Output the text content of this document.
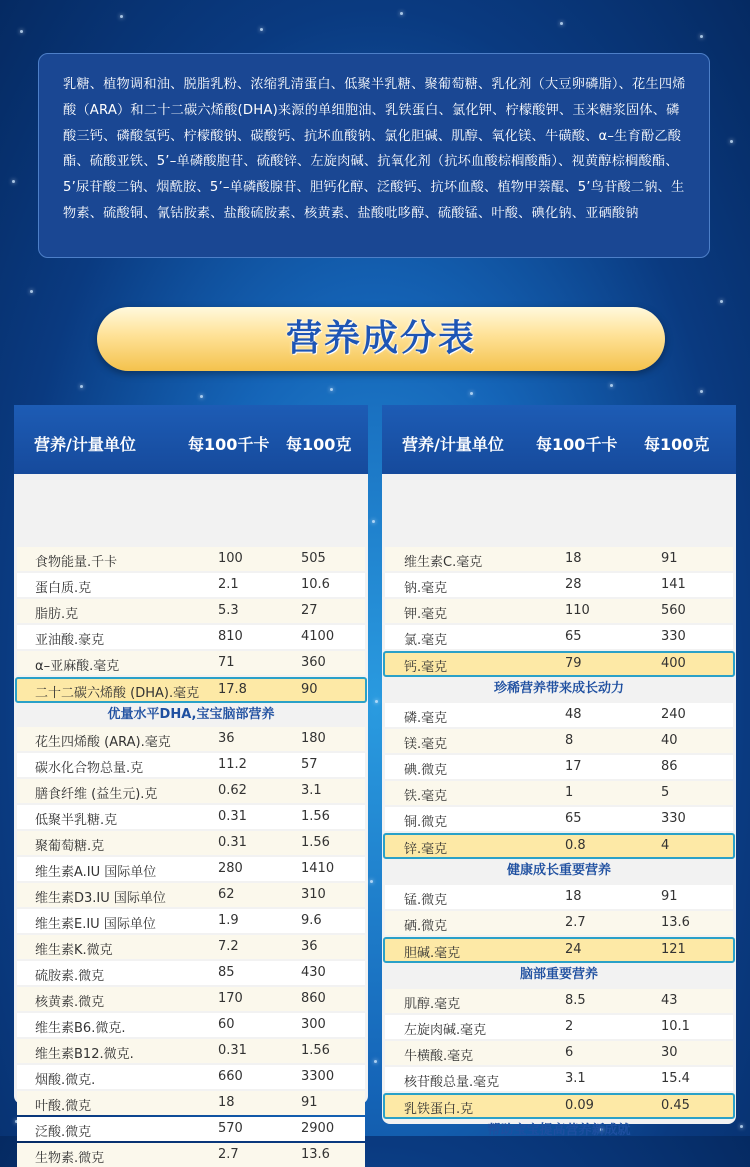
乳糖、植物调和油、脱脂乳粉、浓缩乳清蛋白、低聚半乳糖、聚葡萄糖、乳化剂（大豆卵磷脂）、花生四烯酸（ARA）和二十二碳六烯酸(DHA)来源的单细胞油、乳铁蛋白、氯化钾、柠檬酸钾、玉米糖浆固体、磷酸三钙、磷酸氢钙、柠檬酸钠、碳酸钙、抗坏血酸钠、氯化胆碱、肌醇、氧化镁、牛磺酸、α–生育酚乙酸酯、硫酸亚铁、5’–单磷酸胞苷、硫酸锌、左旋肉碱、抗氧化剂（抗坏血酸棕榈酸酯）、视黄醇棕榈酸酯、5’尿苷酸二钠、烟酰胺、5’–单磷酸腺苷、胆钙化醇、泛酸钙、抗坏血酸、植物甲萘醌、5’鸟苷酸二钠、生物素、硫酸铜、氰钴胺素、盐酸硫胺素、核黄素、盐酸吡哆醇、硫酸锰、叶酸、碘化钠、亚硒酸钠
营养成分表
营养/计量单位	每100千卡 每100克
食物能量.千卡	100	505
蛋白质.克	2.1	10.6
脂肪.克	5.3	27
亚油酸.豪克	810	4100
α–亚麻酸.毫克	71	360
二十二碳六烯酸 (DHA).毫克 17.8	90
优量水平DHA,宝宝脑部营养
花生四烯酸 (ARA).毫克	36	180
碳水化合物总量.克	11.2	57
膳食纤维 (益生元).克	0.62	3.1
低聚半乳糖.克	0.31	1.56
聚葡萄糖.克	0.31	1.56
维生素A.IU 国际单位	280	1410
维生素D3.IU 国际单位	62	310
维生素E.IU 国际单位	1.9	9.6
维生素K.微克	7.2	36
硫胺素.微克	85	430
核黄素.微克	170	860
维生素B6.微克.	60	300
维生素B12.微克.	0.31	1.56
烟酸.微克.	660	3300
叶酸.微克	18	91
泛酸.微克	570	2900
生物素.微克	2.7	13.6
营养/计量单位 每100千卡 每100克
维生素C.毫克	18	91
钠.毫克	28	141
钾.毫克	110	560
氯.毫克	65	330
钙.毫克	79	400
珍稀营养带来成长动力
磷.毫克	48	240
镁.毫克	8	40
碘.微克	17	86
铁.毫克	1	5
铜.微克	65	330
锌.毫克	0.8	4
健康成长重要营养
锰.微克	18	91
硒.微克	2.7	13.6
胆碱.毫克	24	121
脑部重要营养
肌醇.毫克	8.5	43
左旋肉碱.毫克	2	10.1
牛横酸.毫克	6	30
核苷酸总量.毫克	3.1	15.4
乳铁蛋白.克	0.09	0.45
帮助宝宝提高营养新成就
